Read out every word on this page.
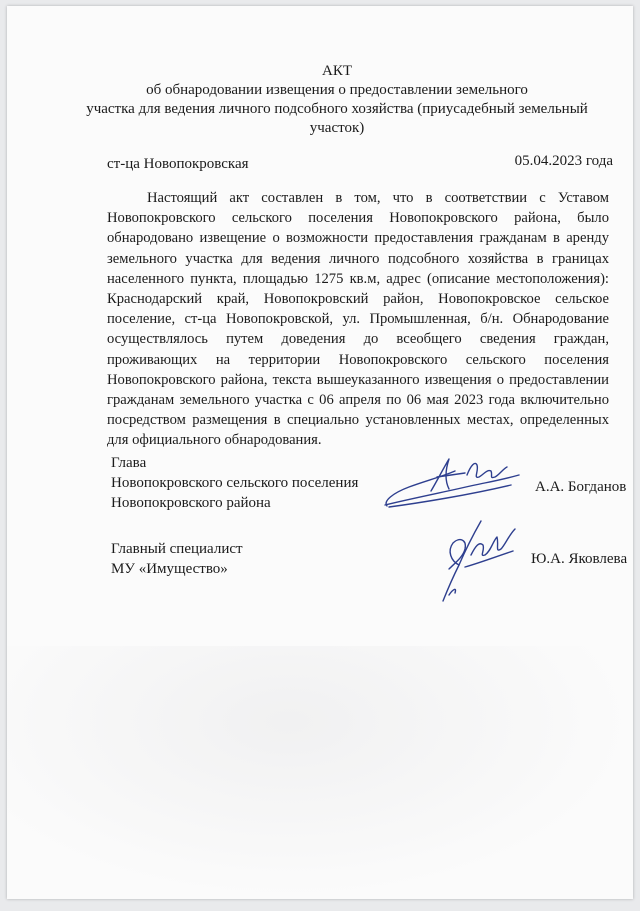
АКТ
об обнародовании извещения о предоставлении земельного
участка для ведения личного подсобного хозяйства (приусадебный земельный
участок)
ст-ца Новопокровская	05.04.2023 года

Настоящий акт составлен в том, что в соответствии с Уставом Новопокровского сельского поселения Новопокровского района, было обнародовано извещение о возможности предоставления гражданам в аренду земельного участка для ведения личного подсобного хозяйства в границах населенного пункта, площадью 1275 кв.м, адрес (описание местоположения): Краснодарский край, Новопокровский район, Новопокровское сельское поселение, ст-ца Новопокровской, ул. Промышленная, б/н. Обнародование осуществлялось путем доведения до всеобщего сведения граждан, проживающих на территории Новопокровского сельского поселения Новопокровского района, текста вышеуказанного извещения о предоставлении гражданам земельного участка с 06 апреля по 06 мая 2023 года включительно посредством размещения в специально установленных местах, определенных для официального обнародования.

Глава
Новопокровского сельского поселения
Новопокровского района
А.А. Богданов
Главный специалист
МУ «Имущество»
Ю.А. Яковлева
